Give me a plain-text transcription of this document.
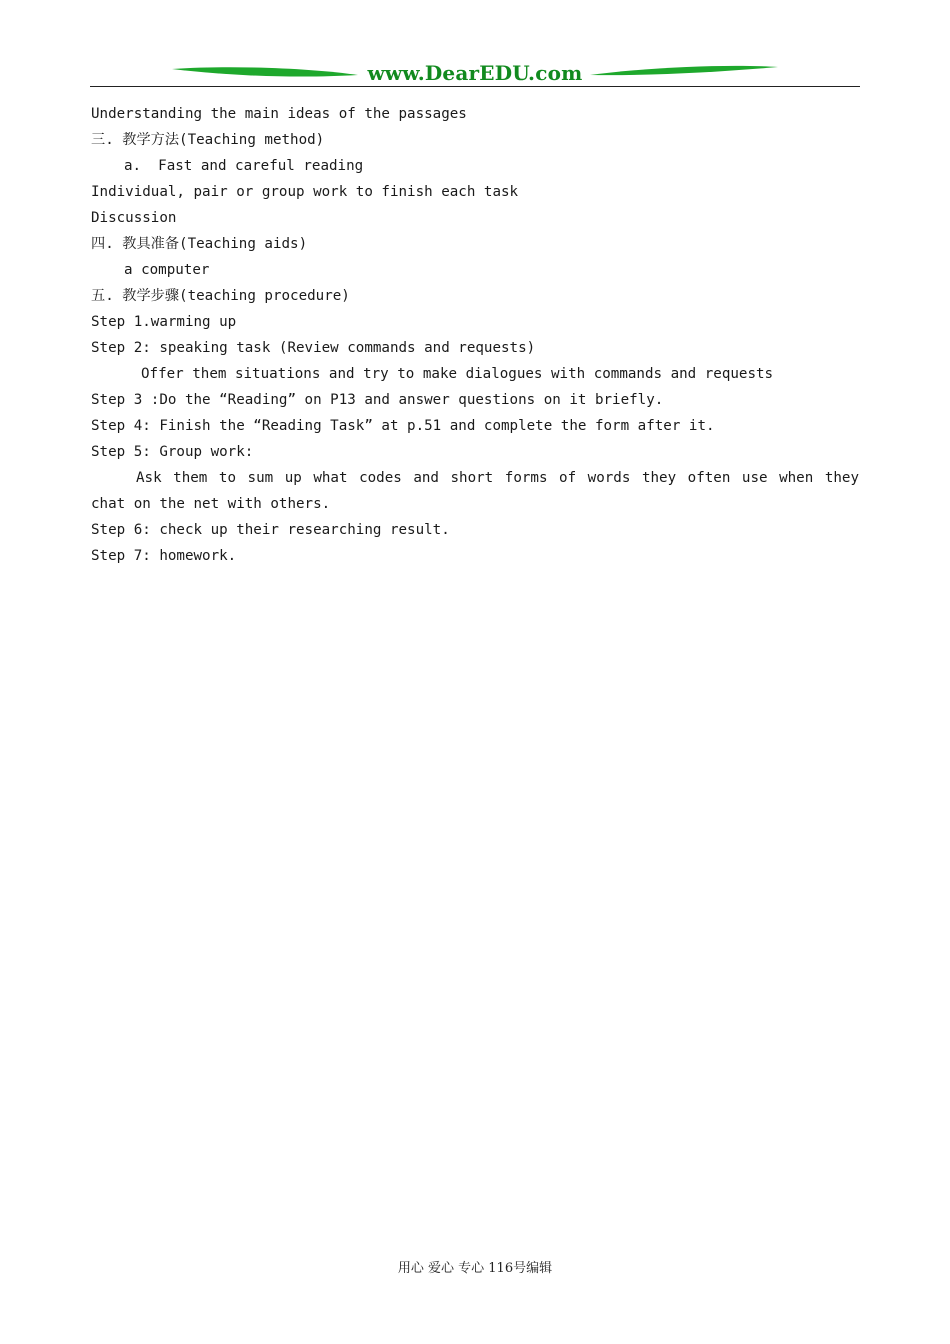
www.DearEDU.com
Understanding the main ideas of the passages
三. 教学方法(Teaching method)
a.  Fast and careful reading
Individual, pair or group work to finish each task
Discussion
四. 教具准备(Teaching aids)
a computer
五. 教学步骤(teaching procedure)
Step 1.warming up
Step 2: speaking task (Review commands and requests)
Offer them situations and try to make dialogues with commands and requests
Step 3 :Do the “Reading” on P13 and answer questions on it briefly.
Step 4: Finish the “Reading Task” at p.51 and complete the form after it.
Step 5: Group work:
Ask them to sum up what codes and short forms of words they often use when they
chat on the net with others.
Step 6: check up their researching result.
Step 7: homework.
用心 爱心 专心 116号编辑
